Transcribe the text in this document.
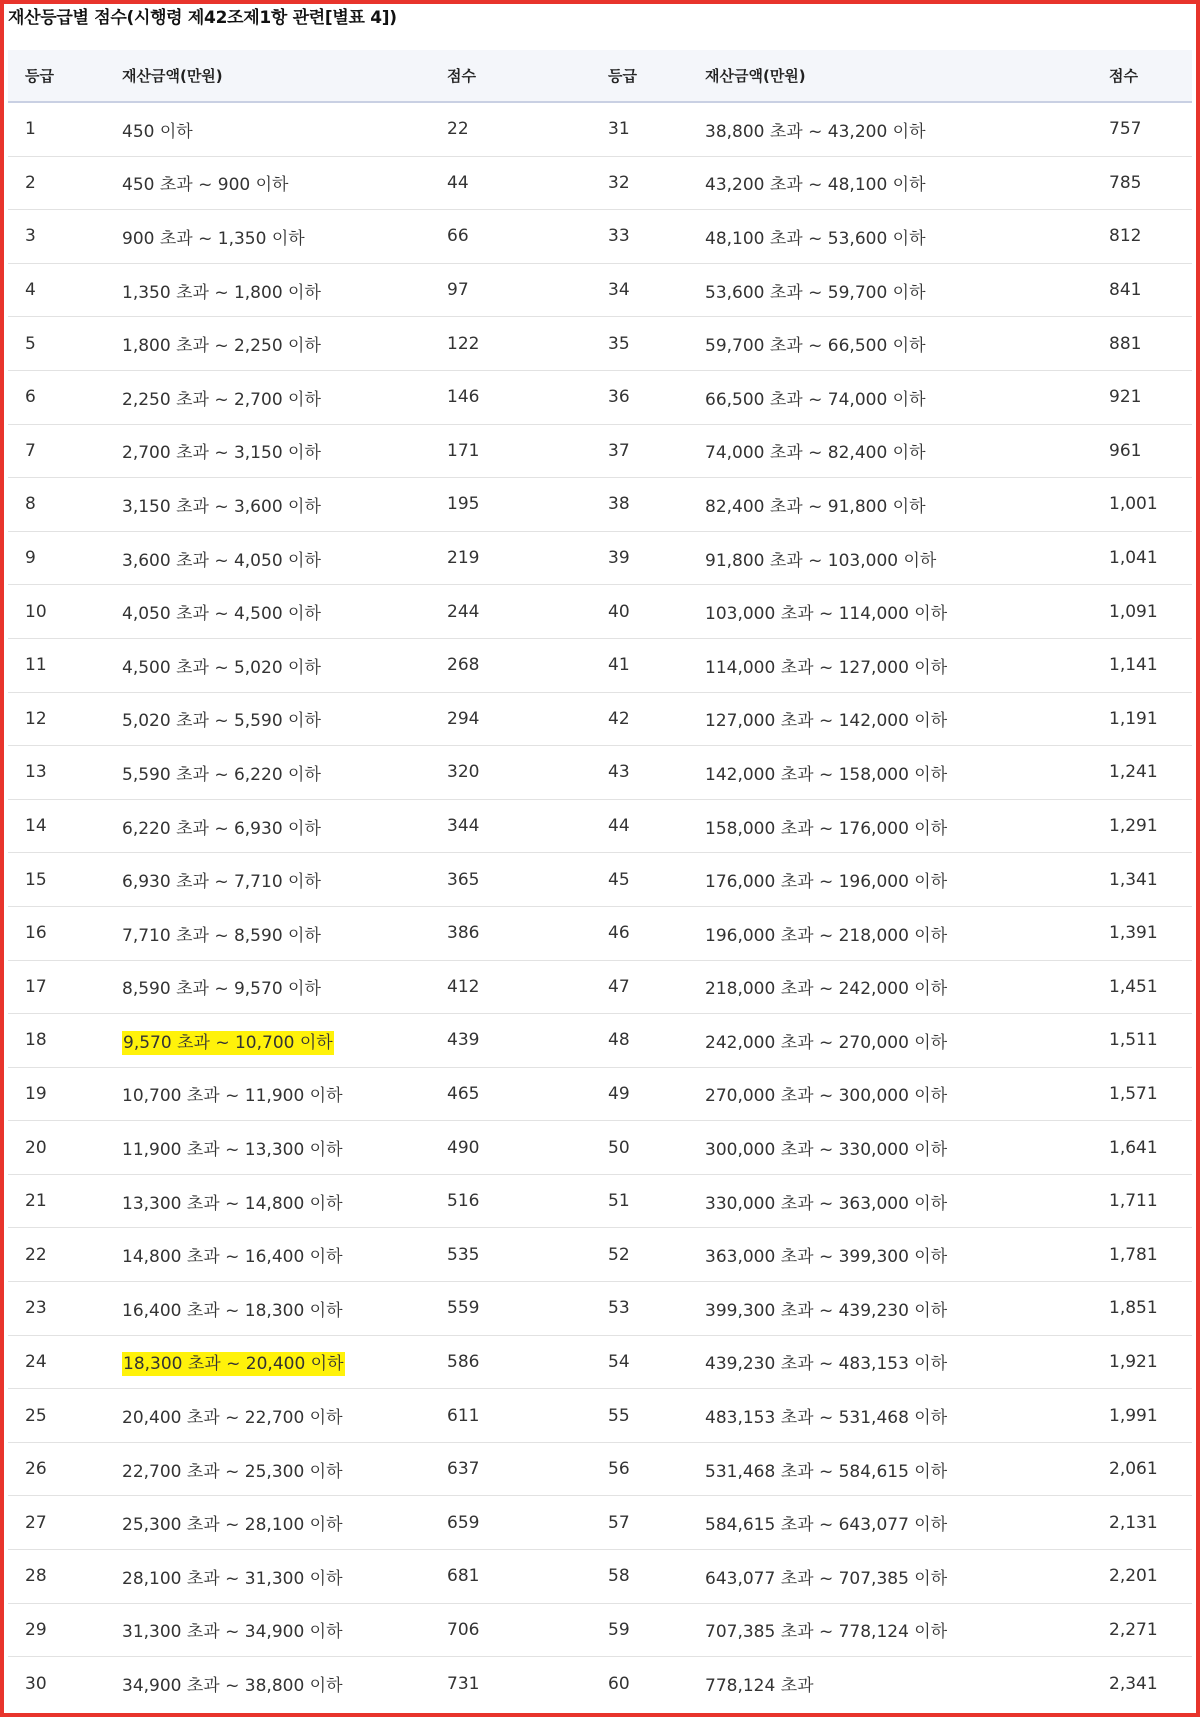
재산등급별 점수(시행령 제42조제1항 관련[별표 4])
등급	재산금액(만원)	점수	등급	재산금액(만원)	점수
1	450 이하	22	31	38,800 초과 ~ 43,200 이하	757
2	450 초과 ~ 900 이하	44	32	43,200 초과 ~ 48,100 이하	785
3	900 초과 ~ 1,350 이하	66	33	48,100 초과 ~ 53,600 이하	812
4	1,350 초과 ~ 1,800 이하	97	34	53,600 초과 ~ 59,700 이하	841
5	1,800 초과 ~ 2,250 이하	122	35	59,700 초과 ~ 66,500 이하	881
6	2,250 초과 ~ 2,700 이하	146	36	66,500 초과 ~ 74,000 이하	921
7	2,700 초과 ~ 3,150 이하	171	37	74,000 초과 ~ 82,400 이하	961
8	3,150 초과 ~ 3,600 이하	195	38	82,400 초과 ~ 91,800 이하	1,001
9	3,600 초과 ~ 4,050 이하	219	39	91,800 초과 ~ 103,000 이하	1,041
10	4,050 초과 ~ 4,500 이하	244	40	103,000 초과 ~ 114,000 이하	1,091
11	4,500 초과 ~ 5,020 이하	268	41	114,000 초과 ~ 127,000 이하	1,141
12	5,020 초과 ~ 5,590 이하	294	42	127,000 초과 ~ 142,000 이하	1,191
13	5,590 초과 ~ 6,220 이하	320	43	142,000 초과 ~ 158,000 이하	1,241
14	6,220 초과 ~ 6,930 이하	344	44	158,000 초과 ~ 176,000 이하	1,291
15	6,930 초과 ~ 7,710 이하	365	45	176,000 초과 ~ 196,000 이하	1,341
16	7,710 초과 ~ 8,590 이하	386	46	196,000 초과 ~ 218,000 이하	1,391
17	8,590 초과 ~ 9,570 이하	412	47	218,000 초과 ~ 242,000 이하	1,451
18	9,570 초과 ~ 10,700 이하	439	48	242,000 초과 ~ 270,000 이하	1,511
19	10,700 초과 ~ 11,900 이하	465	49	270,000 초과 ~ 300,000 이하	1,571
20	11,900 초과 ~ 13,300 이하	490	50	300,000 초과 ~ 330,000 이하	1,641
21	13,300 초과 ~ 14,800 이하	516	51	330,000 초과 ~ 363,000 이하	1,711
22	14,800 초과 ~ 16,400 이하	535	52	363,000 초과 ~ 399,300 이하	1,781
23	16,400 초과 ~ 18,300 이하	559	53	399,300 초과 ~ 439,230 이하	1,851
24	18,300 초과 ~ 20,400 이하	586	54	439,230 초과 ~ 483,153 이하	1,921
25	20,400 초과 ~ 22,700 이하	611	55	483,153 초과 ~ 531,468 이하	1,991
26	22,700 초과 ~ 25,300 이하	637	56	531,468 초과 ~ 584,615 이하	2,061
27	25,300 초과 ~ 28,100 이하	659	57	584,615 초과 ~ 643,077 이하	2,131
28	28,100 초과 ~ 31,300 이하	681	58	643,077 초과 ~ 707,385 이하	2,201
29	31,300 초과 ~ 34,900 이하	706	59	707,385 초과 ~ 778,124 이하	2,271
30	34,900 초과 ~ 38,800 이하	731	60	778,124 초과	2,341
